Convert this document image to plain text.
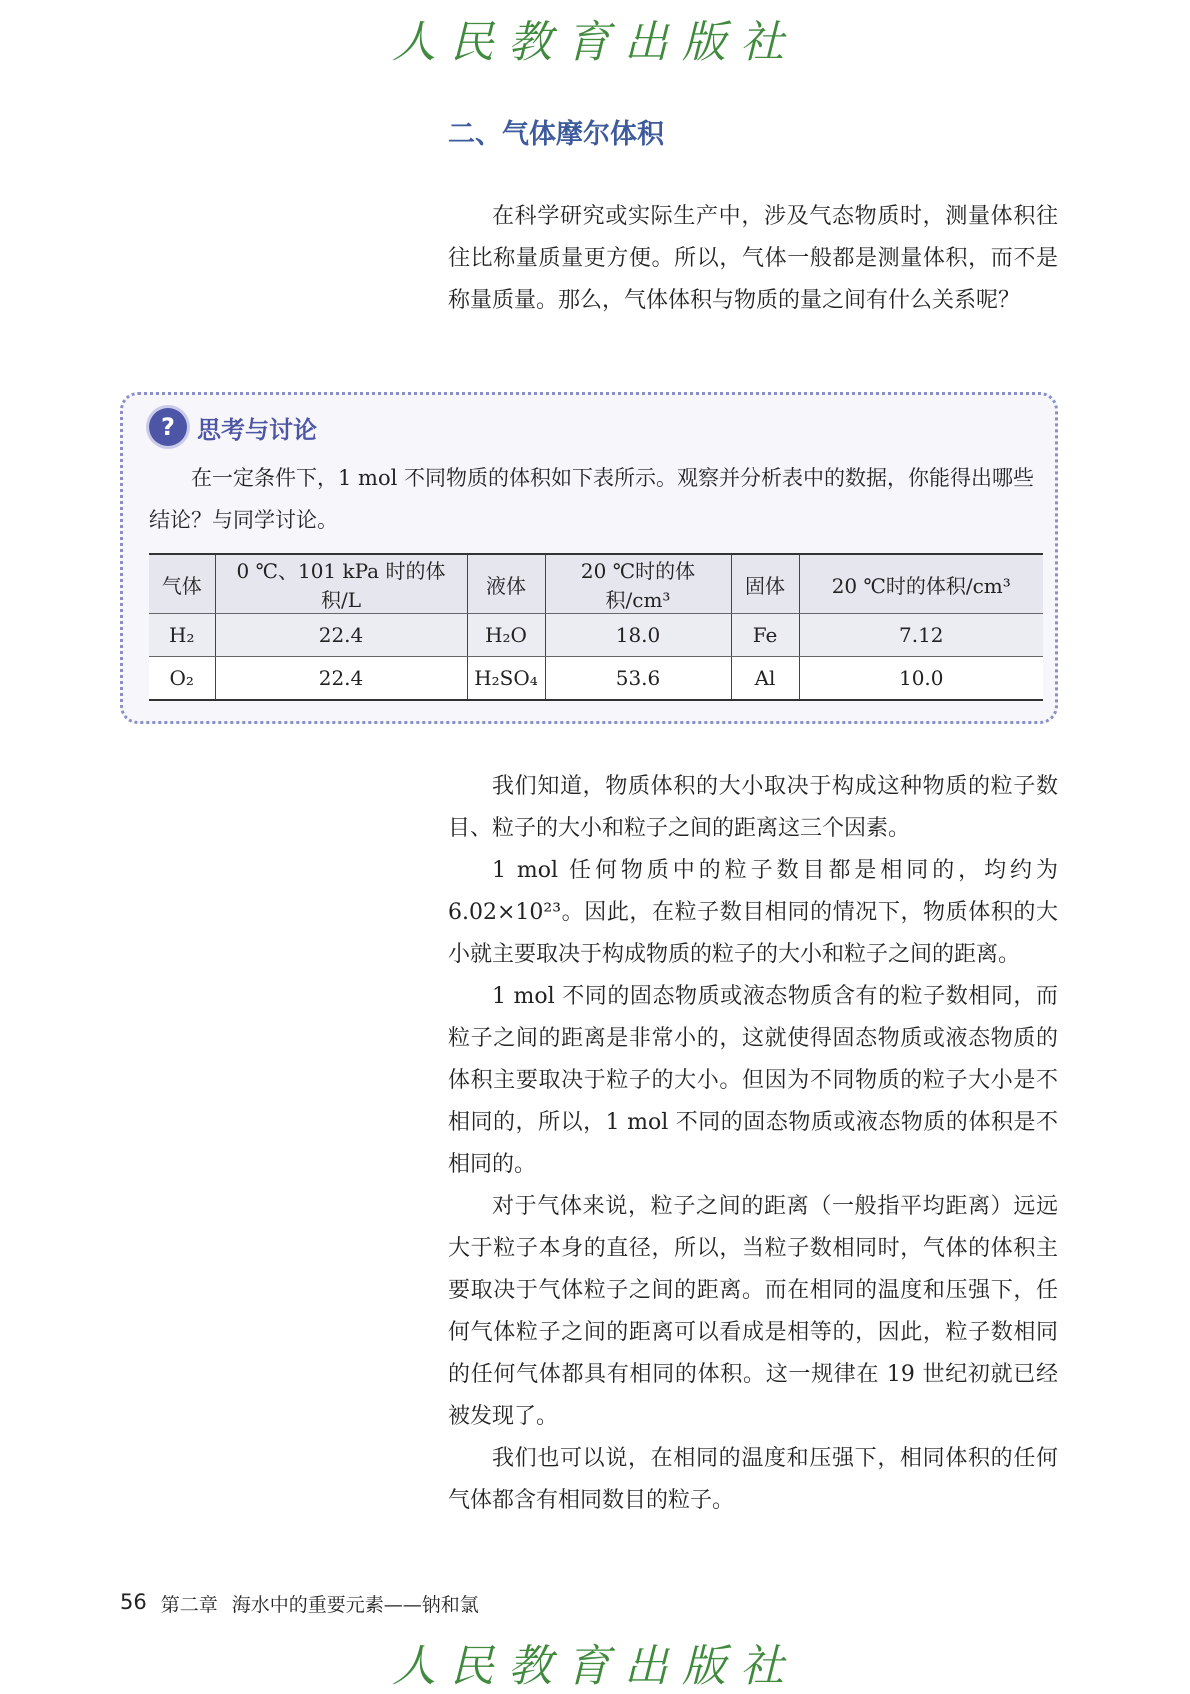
人民教育出版社
二、气体摩尔体积

在科学研究或实际生产中，涉及气态物质时，测量体积往往比称量质量更方便。所以，气体一般都是测量体积，而不是称量质量。那么，气体体积与物质的量之间有什么关系呢？

? 思考与讨论

在一定条件下，1 mol 不同物质的体积如下表所示。观察并分析表中的数据，你能得出哪些结论？与同学讨论。

气体	0 ℃、101 kPa 时的体积/L	液体	20 ℃时的体积/cm³	固体	20 ℃时的体积/cm³
H₂	22.4	H₂O	18.0	Fe	7.12
O₂	22.4	H₂SO₄	53.6	Al	10.0

我们知道，物质体积的大小取决于构成这种物质的粒子数目、粒子的大小和粒子之间的距离这三个因素。

1 mol 任何物质中的粒子数目都是相同的，均约为 6.02×10²³。因此，在粒子数目相同的情况下，物质体积的大小就主要取决于构成物质的粒子的大小和粒子之间的距离。

1 mol 不同的固态物质或液态物质含有的粒子数相同，而粒子之间的距离是非常小的，这就使得固态物质或液态物质的体积主要取决于粒子的大小。但因为不同物质的粒子大小是不相同的，所以，1 mol 不同的固态物质或液态物质的体积是不相同的。

对于气体来说，粒子之间的距离（一般指平均距离）远远大于粒子本身的直径，所以，当粒子数相同时，气体的体积主要取决于气体粒子之间的距离。而在相同的温度和压强下，任何气体粒子之间的距离可以看成是相等的，因此，粒子数相同的任何气体都具有相同的体积。这一规律在 19 世纪初就已经被发现了。

我们也可以说，在相同的温度和压强下，相同体积的任何气体都含有相同数目的粒子。

56 第二章 海水中的重要元素——钠和氯
人民教育出版社
